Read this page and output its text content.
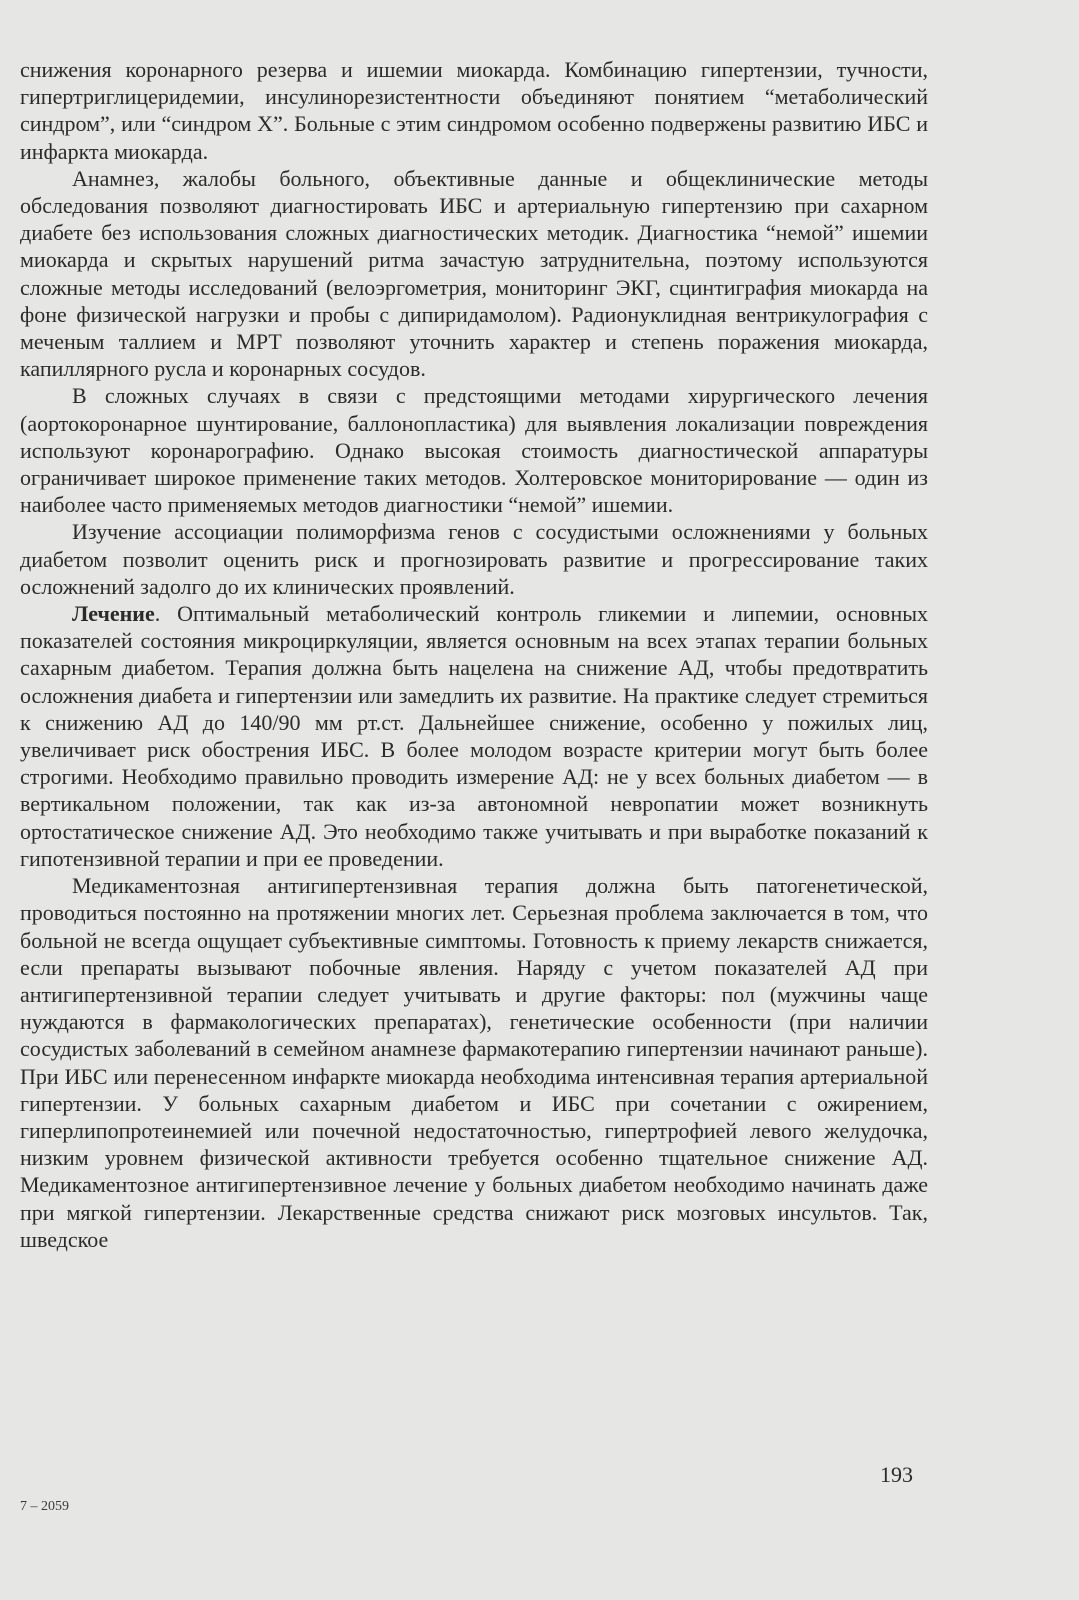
снижения коронарного резерва и ишемии миокарда. Комбинацию гипертензии, тучности, гипертриглицеридемии, инсулинорезистентности объединяют понятием “метаболический синдром”, или “синдром X”. Больные с этим синдромом особенно подвержены развитию ИБС и инфаркта миокарда.

Анамнез, жалобы больного, объективные данные и общеклинические методы обследования позволяют диагностировать ИБС и артериальную гипертензию при сахарном диабете без использования сложных диагностических методик. Диагностика “немой” ишемии миокарда и скрытых нарушений ритма зачастую затруднительна, поэтому используются сложные методы исследований (велоэргометрия, мониторинг ЭКГ, сцинтиграфия миокарда на фоне физической нагрузки и пробы с дипиридамолом). Радионуклидная вентрикулография с меченым таллием и МРТ позволяют уточнить характер и степень поражения миокарда, капиллярного русла и коронарных сосудов.

В сложных случаях в связи с предстоящими методами хирургического лечения (аортокоронарное шунтирование, баллонопластика) для выявления локализации повреждения используют коронарографию. Однако высокая стоимость диагностической аппаратуры ограничивает широкое применение таких методов. Холтеровское мониторирование — один из наиболее часто применяемых методов диагностики “немой” ишемии.

Изучение ассоциации полиморфизма генов с сосудистыми осложнениями у больных диабетом позволит оценить риск и прогнозировать развитие и прогрессирование таких осложнений задолго до их клинических проявлений.

Лечение. Оптимальный метаболический контроль гликемии и липемии, основных показателей состояния микроциркуляции, является основным на всех этапах терапии больных сахарным диабетом. Терапия должна быть нацелена на снижение АД, чтобы предотвратить осложнения диабета и гипертензии или замедлить их развитие. На практике следует стремиться к снижению АД до 140/90 мм рт.ст. Дальнейшее снижение, особенно у пожилых лиц, увеличивает риск обострения ИБС. В более молодом возрасте критерии могут быть более строгими. Необходимо правильно проводить измерение АД: не у всех больных диабетом — в вертикальном положении, так как из-за автономной невропатии может возникнуть ортостатическое снижение АД. Это необходимо также учитывать и при выработке показаний к гипотензивной терапии и при ее проведении.

Медикаментозная антигипертензивная терапия должна быть патогенетической, проводиться постоянно на протяжении многих лет. Серьезная проблема заключается в том, что больной не всегда ощущает субъективные симптомы. Готовность к приему лекарств снижается, если препараты вызывают побочные явления. Наряду с учетом показателей АД при антигипертензивной терапии следует учитывать и другие факторы: пол (мужчины чаще нуждаются в фармакологических препаратах), генетические особенности (при наличии сосудистых заболеваний в семейном анамнезе фармакотерапию гипертензии начинают раньше). При ИБС или перенесенном инфаркте миокарда необходима интенсивная терапия артериальной гипертензии. У больных сахарным диабетом и ИБС при сочетании с ожирением, гиперлипопротеинемией или почечной недостаточностью, гипертрофией левого желудочка, низким уровнем физической активности требуется особенно тщательное снижение АД. Медикаментозное антигипертензивное лечение у больных диабетом необходимо начинать даже при мягкой гипертензии. Лекарственные средства снижают риск мозговых инсультов. Так, шведское

193
7 – 2059
